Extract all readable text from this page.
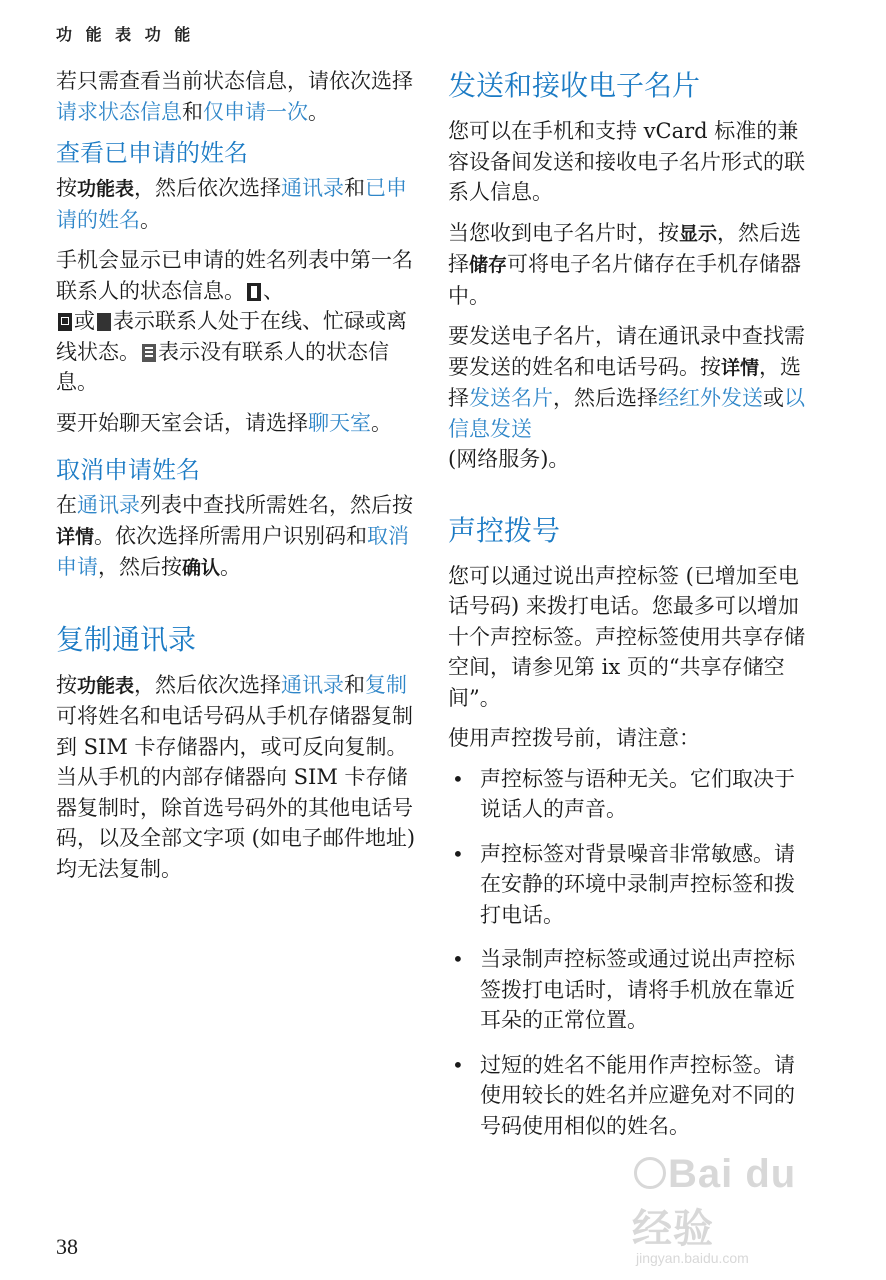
功 能 表 功 能

若只需查看当前状态信息，请依次选择请求状态信息和仅申请一次。

查看已申请的姓名

按功能表，然后依次选择通讯录和已申请的姓名。

手机会显示已申请的姓名列表中第一名联系人的状态信息。 、
或 表示联系人处于在线、忙碌或离线状态。 表示没有联系人的状态信息。

要开始聊天室会话，请选择聊天室。

取消申请姓名

在通讯录列表中查找所需姓名，然后按详情。依次选择所需用户识别码和取消申请，然后按确认。

复制通讯录

按功能表，然后依次选择通讯录和复制可将姓名和电话号码从手机存储器复制到 SIM 卡存储器内，或可反向复制。当从手机的内部存储器向 SIM 卡存储器复制时，除首选号码外的其他电话号码，以及全部文字项 (如电子邮件地址) 均无法复制。

发送和接收电子名片

您可以在手机和支持 vCard 标准的兼容设备间发送和接收电子名片形式的联系人信息。

当您收到电子名片时，按显示，然后选择储存可将电子名片储存在手机存储器中。

要发送电子名片，请在通讯录中查找需要发送的姓名和电话号码。按详情，选择发送名片，然后选择经红外发送或以信息发送
(网络服务)。

声控拨号

您可以通过说出声控标签 (已增加至电话号码) 来拨打电话。您最多可以增加十个声控标签。声控标签使用共享存储空间，请参见第 ix 页的“共享存储空间”。

使用声控拨号前，请注意：

• 声控标签与语种无关。它们取决于说话人的声音。
• 声控标签对背景噪音非常敏感。请在安静的环境中录制声控标签和拨打电话。
• 当录制声控标签或通过说出声控标签拨打电话时，请将手机放在靠近耳朵的正常位置。
• 过短的姓名不能用作声控标签。请使用较长的姓名并应避免对不同的号码使用相似的姓名。
Bai du 经验
jingyan.baidu.com
38
